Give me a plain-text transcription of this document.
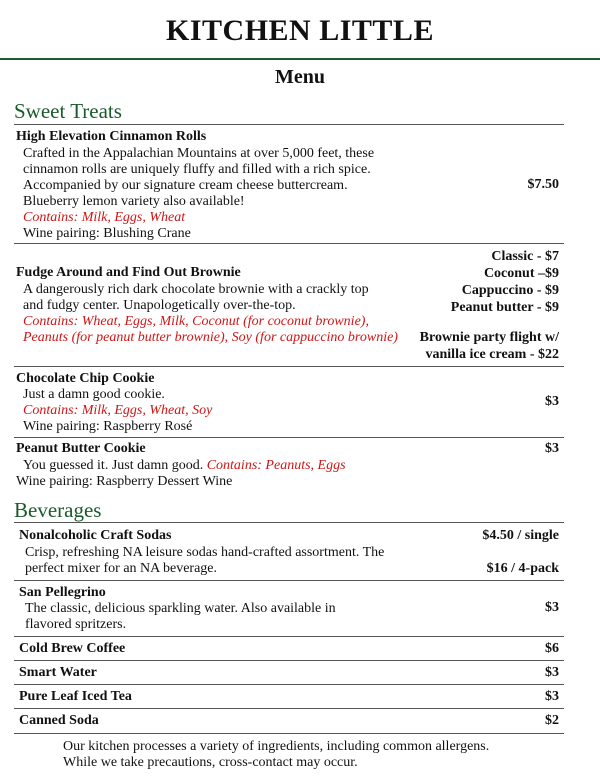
KITCHEN LITTLE
Menu
Sweet Treats
High Elevation Cinnamon Rolls
Crafted in the Appalachian Mountains at over 5,000 feet, these
cinnamon rolls are uniquely fluffy and filled with a rich spice.
Accompanied by our signature cream cheese buttercream.
Blueberry lemon variety also available!
Contains: Milk, Eggs, Wheat
Wine pairing: Blushing Crane
$7.50
Fudge Around and Find Out Brownie
A dangerously rich dark chocolate brownie with a crackly top
and fudgy center. Unapologetically over-the-top.
Contains: Wheat, Eggs, Milk, Coconut (for coconut brownie),
Peanuts (for peanut butter brownie), Soy (for cappuccino brownie)
Classic - $7
Coconut –$9
Cappuccino - $9
Peanut butter - $9
Brownie party flight w/
vanilla ice cream - $22
Chocolate Chip Cookie
Just a damn good cookie.
Contains: Milk, Eggs, Wheat, Soy
Wine pairing: Raspberry Rosé
$3
Peanut Butter Cookie
You guessed it. Just damn good. Contains: Peanuts, Eggs
Wine pairing: Raspberry Dessert Wine
$3
Beverages
Nonalcoholic Craft Sodas
Crisp, refreshing NA leisure sodas hand-crafted assortment. The
perfect mixer for an NA beverage.
$4.50 / single
$16 / 4-pack
San Pellegrino
The classic, delicious sparkling water. Also available in
flavored spritzers.
$3
Cold Brew Coffee	$6
Smart Water	$3
Pure Leaf Iced Tea	$3
Canned Soda	$2
Our kitchen processes a variety of ingredients, including common allergens.
While we take precautions, cross-contact may occur.
